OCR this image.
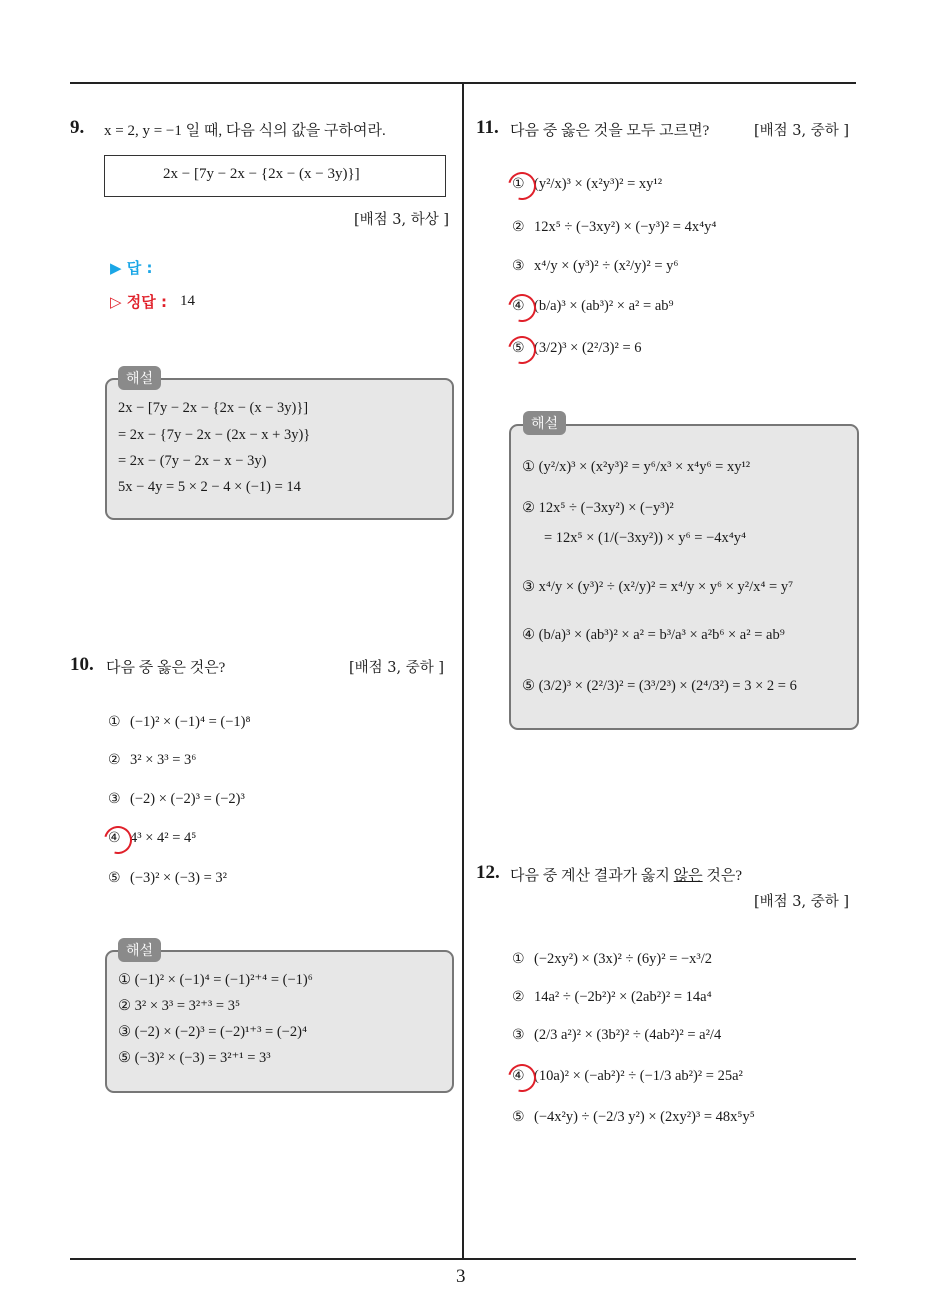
3
9. x = 2, y = −1 일 때, 다음 식의 값을 구하여라.
2x − [7y − 2x − {2x − (x − 3y)}]
[배점 3, 하상 ]
▶ 답 :
▷ 정답 : 14
해설
2x − [7y − 2x − {2x − (x − 3y)}]
= 2x − {7y − 2x − (2x − x + 3y)}
= 2x − (7y − 2x − x − 3y)
5x − 4y = 5 × 2 − 4 × (−1) = 14
10. 다음 중 옳은 것은?	[배점 3, 중하 ]
① (−1)² × (−1)⁴ = (−1)⁸
② 3² × 3³ = 3⁶
③ (−2) × (−2)³ = (−2)³
④ 4³ × 4² = 4⁵
⑤ (−3)² × (−3) = 3²
해설
① (−1)² × (−1)⁴ = (−1)²⁺⁴ = (−1)⁶
② 3² × 3³ = 3²⁺³ = 3⁵
③ (−2) × (−2)³ = (−2)¹⁺³ = (−2)⁴
⑤ (−3)² × (−3) = 3²⁺¹ = 3³
11. 다음 중 옳은 것을 모두 고르면?	[배점 3, 중하 ]
① (y²/x)³ × (x²y³)² = xy¹²
② 12x⁵ ÷ (−3xy²) × (−y³)² = 4x⁴y⁴
③ x⁴/y × (y³)² ÷ (x²/y)² = y⁶
④ (b/a)³ × (ab³)² × a² = ab⁹
⑤ (3/2)³ × (2²/3)² = 6
해설
① (y²/x)³ × (x²y³)² = y⁶/x³ × x⁴y⁶ = xy¹²
② 12x⁵ ÷ (−3xy²) × (−y³)²
= 12x⁵ × (1/(−3xy²)) × y⁶ = −4x⁴y⁴
③ x⁴/y × (y³)² ÷ (x²/y)² = x⁴/y × y⁶ × y²/x⁴ = y⁷
④ (b/a)³ × (ab³)² × a² = b³/a³ × a²b⁶ × a² = ab⁹
⑤ (3/2)³ × (2²/3)² = (3³/2³) × (2⁴/3²) = 3 × 2 = 6
12. 다음 중 계산 결과가 옳지 않은 것은?
[배점 3, 중하 ]
① (−2xy²) × (3x)² ÷ (6y)² = −x³/2
② 14a² ÷ (−2b²)² × (2ab²)² = 14a⁴
③ (2/3 a²)² × (3b²)² ÷ (4ab²)² = a²/4
④ (10a)² × (−ab²)² ÷ (−1/3 ab²)² = 25a²
⑤ (−4x²y) ÷ (−2/3 y²) × (2xy²)³ = 48x⁵y⁵
